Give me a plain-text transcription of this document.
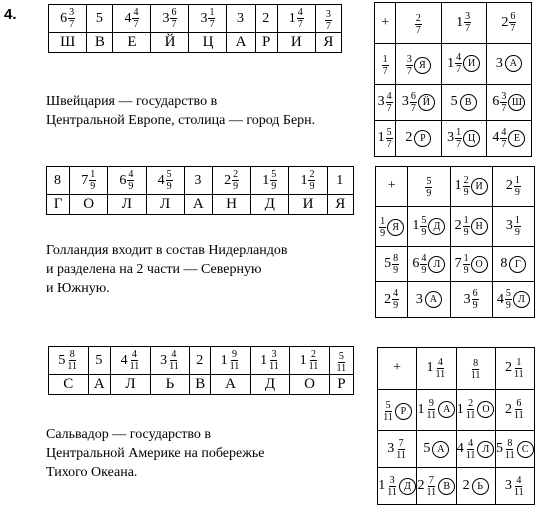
4.	$6 \frac{3}{7}$	5	$4 \frac{4}{7}$	$3 \frac{6}{7}$	$3 \frac{1}{7}$	3	2	$1 \frac{4}{7}$	$\frac{3}{7}$

Ш	В	Е	Й	Ц	А	Р	И	Я
Швейцария — государство в
Центральной Европе, столица — город Берн.
+	$\frac{2}{7}$	$1 \frac{3}{7}$	$2 \frac{6}{7}$

$\frac{1}{7}$	$\frac{3}{7}$ Я	$1 \frac{4}{7}$ И	3 А

$3 \frac{4}{7}$	$3 \frac{6}{7}$ Й	5 В	$6 \frac{3}{7}$ Ш

$1 \frac{5}{7}$	2 Р	$3 \frac{1}{7}$ Ц	$4 \frac{4}{7}$ Е
8	$7 \frac{1}{9}$	$6 \frac{4}{9}$	$4 \frac{5}{9}$	3	$2 \frac{2}{9}$	$1 \frac{5}{9}$	$1 \frac{2}{9}$	1

Г	О	Л	Л	А	Н	Д	И	Я
Голландия входит в состав Нидерландов
и разделена на 2 части — Северную
и Южную.
+	$\frac{5}{9}$	$1 \frac{2}{9}$ И	$2 \frac{1}{9}$

$\frac{1}{9}$ Я	$1 \frac{5}{9}$ Д	$2 \frac{1}{9}$ Н	$3 \frac{1}{9}$

$5 \frac{8}{9}$	$6 \frac{4}{9}$ Л	$7 \frac{1}{9}$ О	8 Г

$2 \frac{4}{9}$	3 А	$3 \frac{6}{9}$	$4 \frac{5}{9}$ Л
$5 \frac{8}{11}$	5	$4 \frac{4}{11}$	$3 \frac{4}{11}$	2	$1 \frac{9}{11}$	$1 \frac{3}{11}$	$1 \frac{2}{11}$	$\frac{5}{11}$

С	А	Л	Ь	В	А	Д	О	Р
Сальвадор — государство в
Центральной Америке на побережье
Тихого Океана.
+	$1 \frac{4}{11}$	$\frac{8}{11}$	$2 \frac{1}{11}$

$\frac{5}{11}$ Р	$1 \frac{9}{11}$ А	$1 \frac{2}{11}$ О	$2 \frac{6}{11}$

$3 \frac{7}{11}$	5 А	$4 \frac{4}{11}$ Л	$5 \frac{8}{11}$ С

$1 \frac{3}{11}$ Д	$2 \frac{7}{11}$ В	2 Ь	$3 \frac{4}{11}$
